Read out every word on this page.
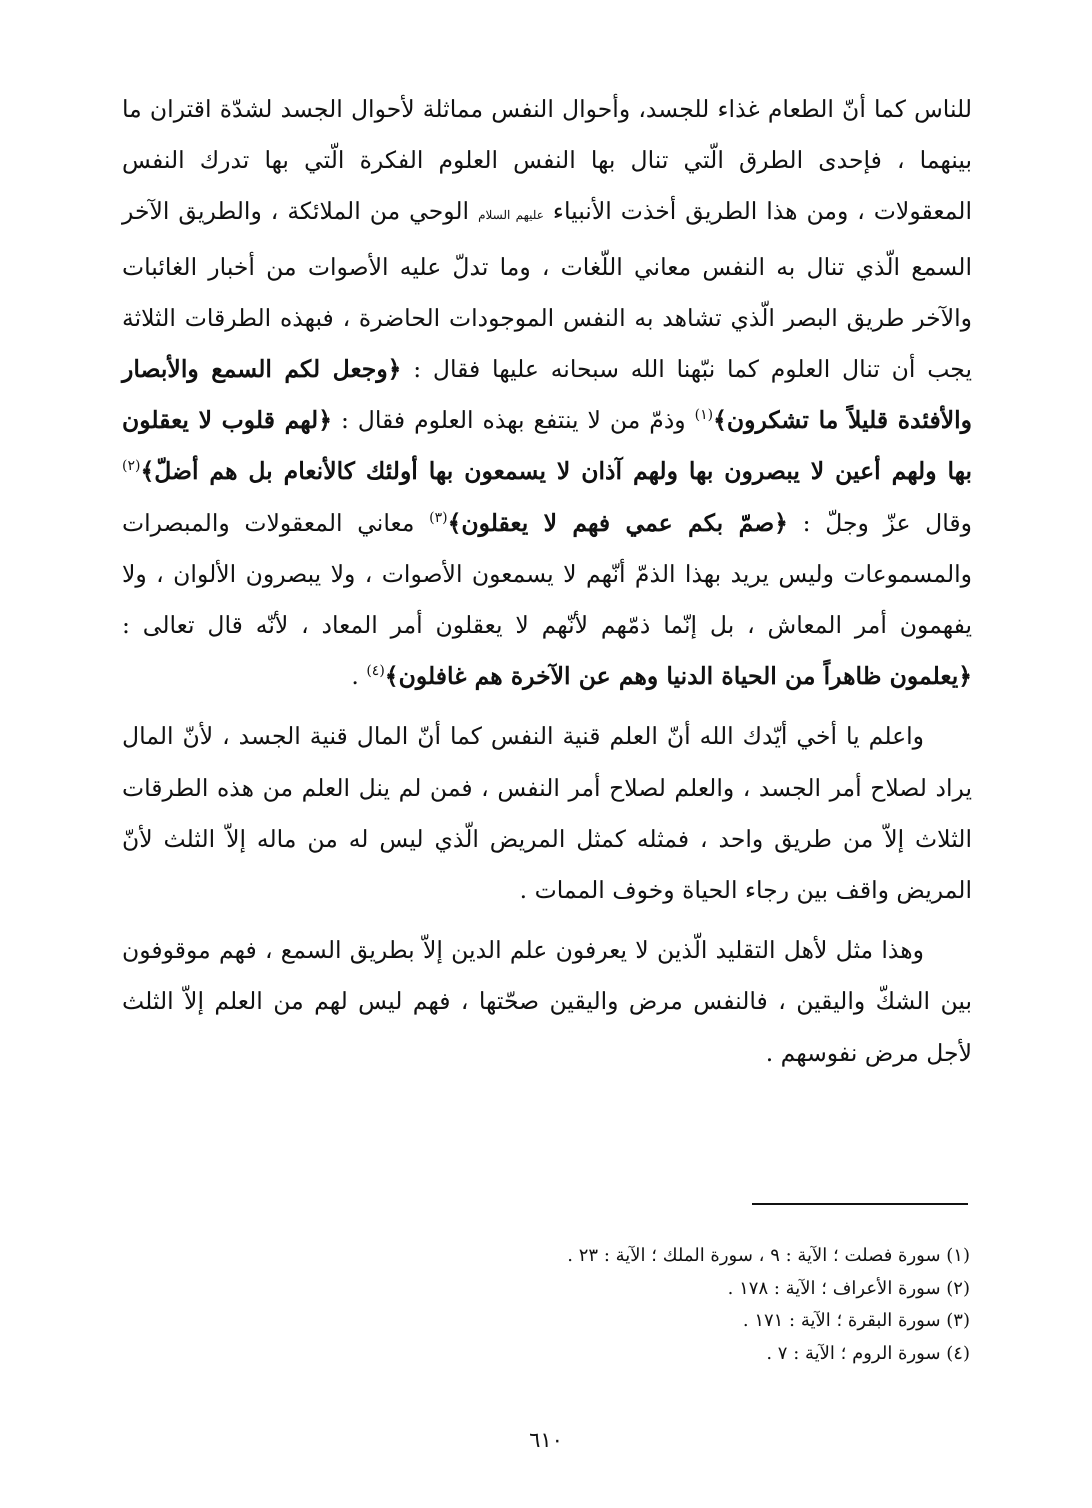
للناس كما أنّ الطعام غذاء للجسد، وأحوال النفس مماثلة لأحوال الجسد لشدّة اقتران ما بينهما ، فإحدى الطرق الّتي تنال بها النفس العلوم الفكرة الّتي بها تدرك النفس المعقولات ، ومن هذا الطريق أخذت الأنبياء عليهم السلام الوحي من الملائكة ، والطريق الآخر السمع الّذي تنال به النفس معاني اللّغات ، وما تدلّ عليه الأصوات من أخبار الغائبات والآخر طريق البصر الّذي تشاهد به النفس الموجودات الحاضرة ، فبهذه الطرقات الثلاثة يجب أن تنال العلوم كما نبّهنا الله سبحانه عليها فقال : ﴿وجعل لكم السمع والأبصار والأفئدة قليلاً ما تشكرون﴾$^{(١)}$ وذمّ من لا ينتفع بهذه العلوم فقال : ﴿لهم قلوب لا يعقلون بها ولهم أعين لا يبصرون بها ولهم آذان لا يسمعون بها أولئك كالأنعام بل هم أضلّ﴾$^{(٢)}$ وقال عزّ وجلّ : ﴿صمّ بكم عمي فهم لا يعقلون﴾$^{(٣)}$ معاني المعقولات والمبصرات والمسموعات وليس يريد بهذا الذمّ أنّهم لا يسمعون الأصوات ، ولا يبصرون الألوان ، ولا يفهمون أمر المعاش ، بل إنّما ذمّهم لأنّهم لا يعقلون أمر المعاد ، لأنّه قال تعالى : ﴿يعلمون ظاهراً من الحياة الدنيا وهم عن الآخرة هم غافلون﴾$^{(٤)}$ .

واعلم يا أخي أيّدك الله أنّ العلم قنية النفس كما أنّ المال قنية الجسد ، لأنّ المال يراد لصلاح أمر الجسد ، والعلم لصلاح أمر النفس ، فمن لم ينل العلم من هذه الطرقات الثلاث إلاّ من طريق واحد ، فمثله كمثل المريض الّذي ليس له من ماله إلاّ الثلث لأنّ المريض واقف بين رجاء الحياة وخوف الممات .

وهذا مثل لأهل التقليد الّذين لا يعرفون علم الدين إلاّ بطريق السمع ، فهم موقوفون بين الشكّ واليقين ، فالنفس مرض واليقين صحّتها ، فهم ليس لهم من العلم إلاّ الثلث لأجل مرض نفوسهم .

(١) سورة فصلت ؛ الآية : ٩ ، سورة الملك ؛ الآية : ٢٣ .
(٢) سورة الأعراف ؛ الآية : ١٧٨ .
(٣) سورة البقرة ؛ الآية : ١٧١ .
(٤) سورة الروم ؛ الآية : ٧ .
٦١٠
